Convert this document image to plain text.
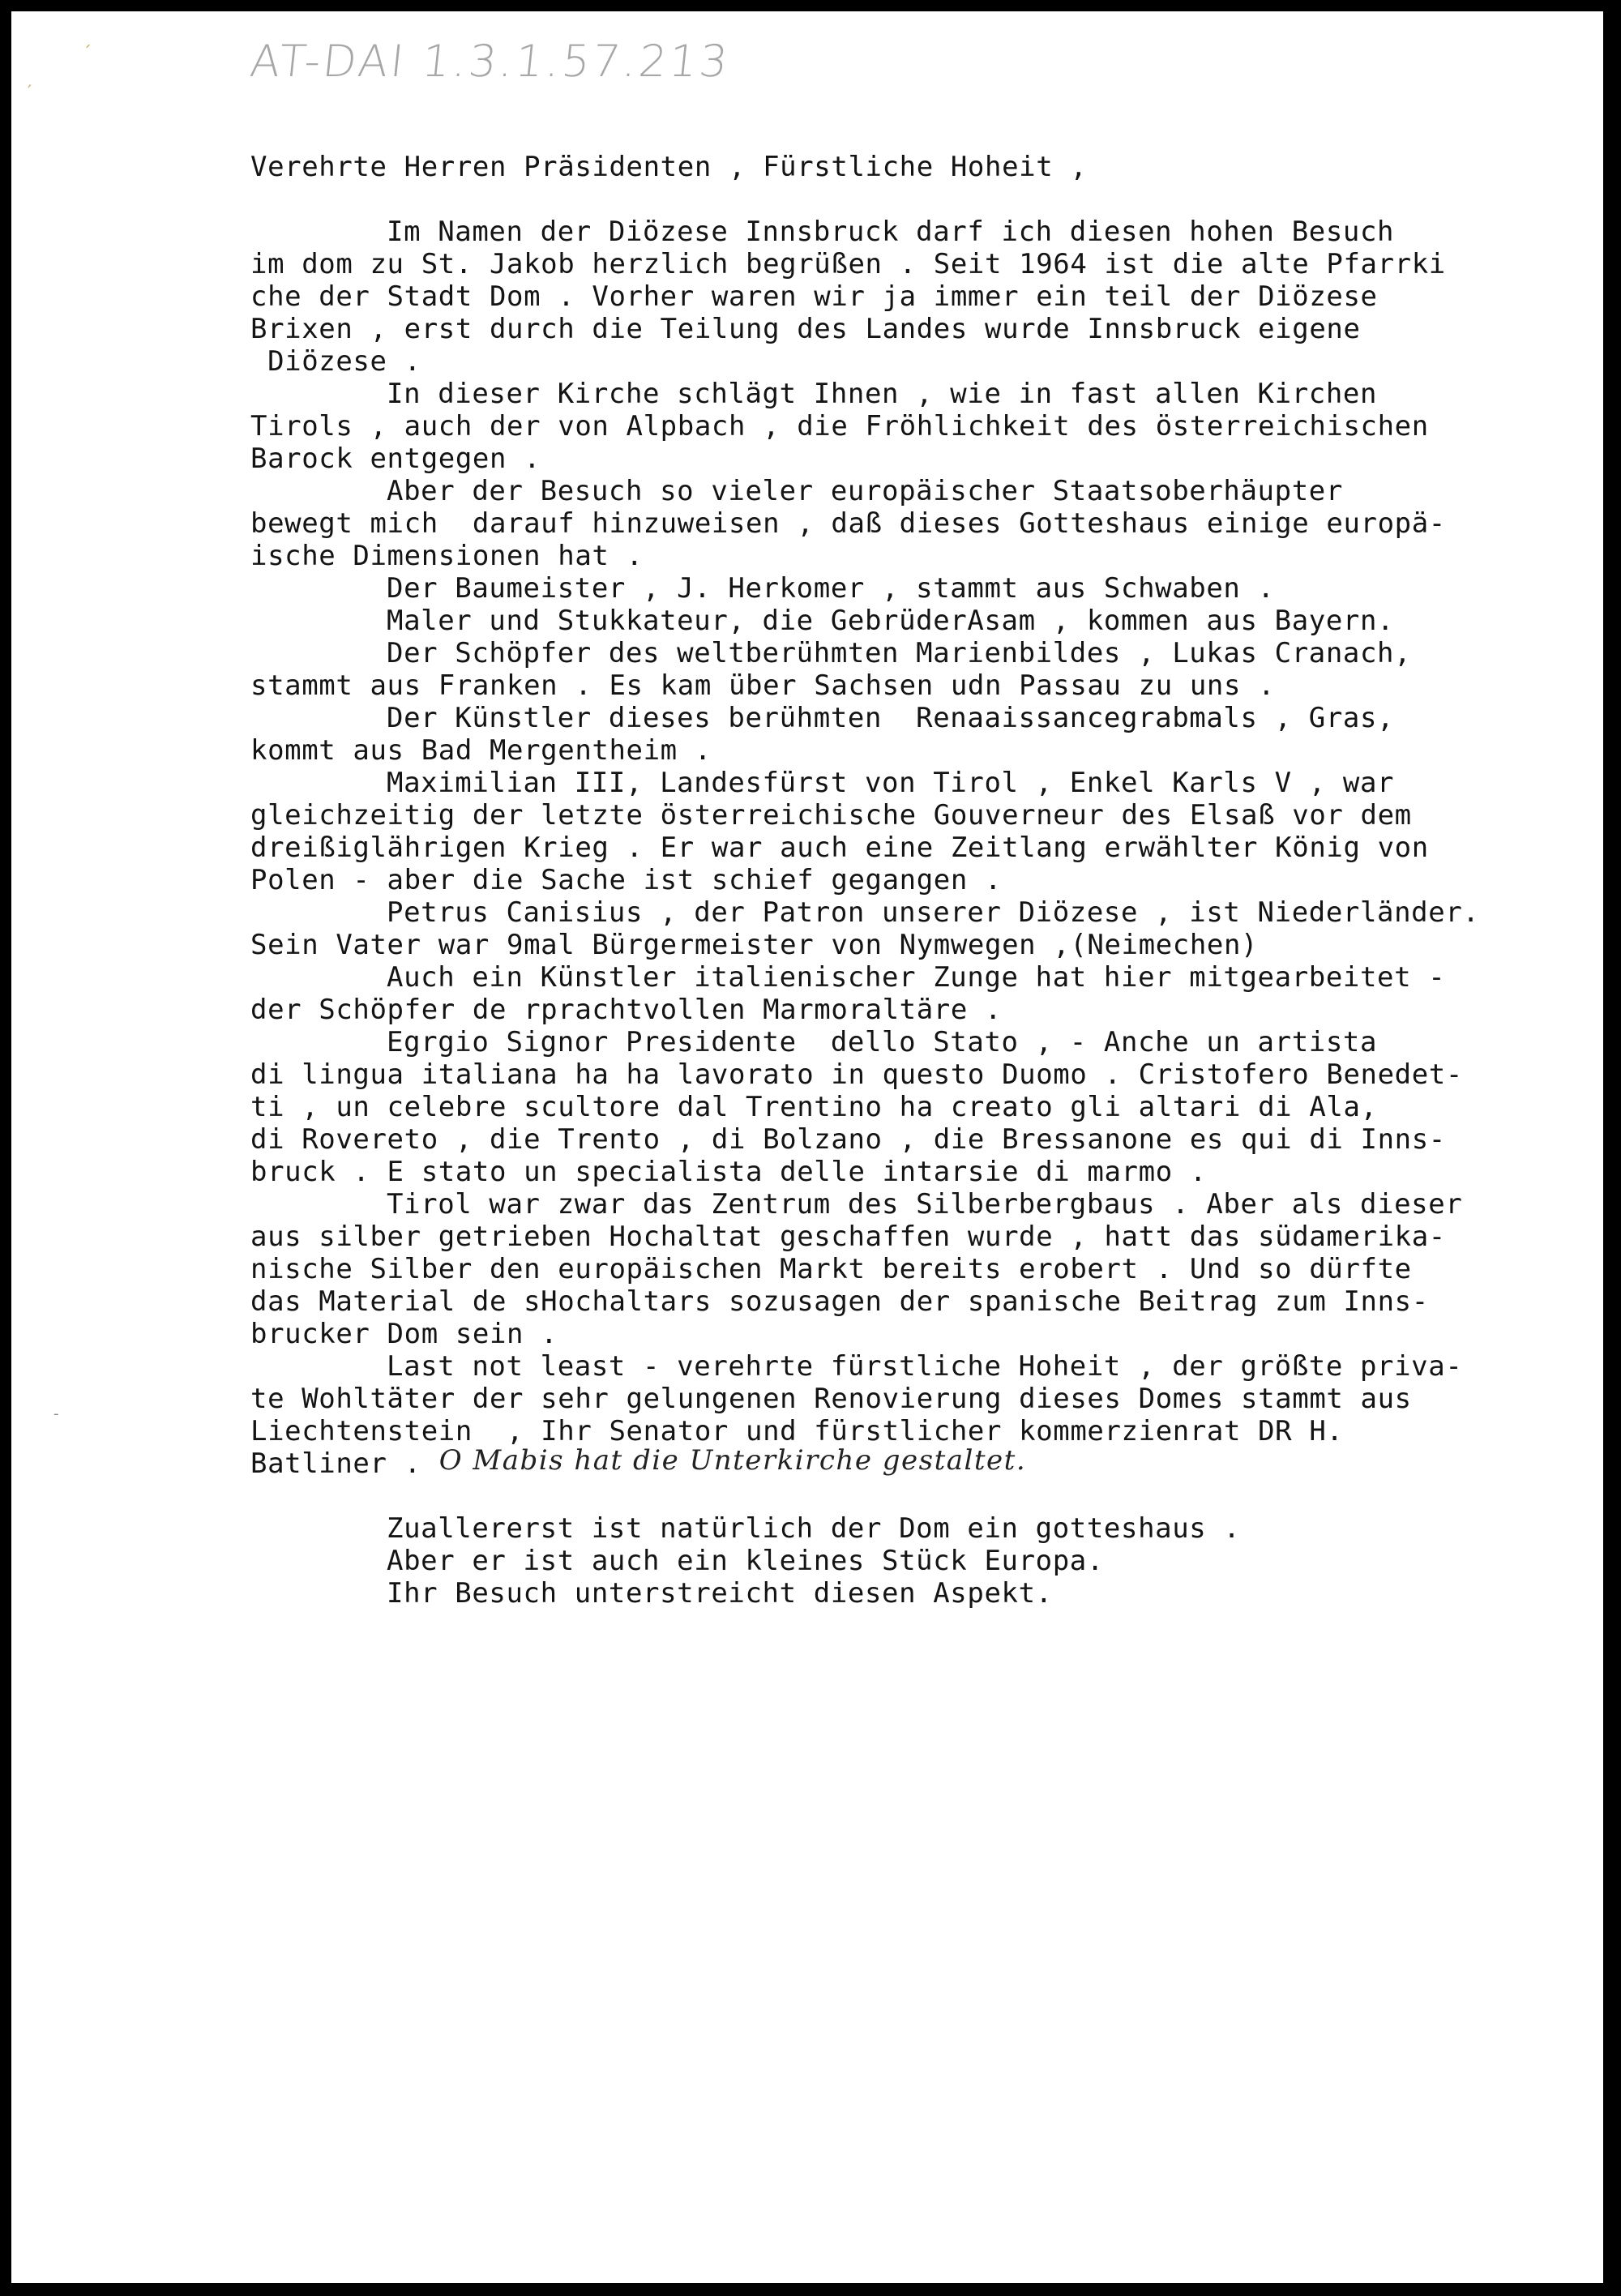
AT-DAI 1.3.1.57.213
´
′
-
Verehrte Herren Präsidenten , Fürstliche Hoheit ,
Im Namen der Diözese Innsbruck darf ich diesen hohen Besuch
im dom zu St. Jakob herzlich begrüßen . Seit 1964 ist die alte Pfarrki
che der Stadt Dom . Vorher waren wir ja immer ein teil der Diözese
Brixen , erst durch die Teilung des Landes wurde Innsbruck eigene
Diözese .
In dieser Kirche schlägt Ihnen , wie in fast allen Kirchen
Tirols , auch der von Alpbach , die Fröhlichkeit des österreichischen
Barock entgegen .
Aber der Besuch so vieler europäischer Staatsoberhäupter
bewegt mich  darauf hinzuweisen , daß dieses Gotteshaus einige europä-
ische Dimensionen hat .
Der Baumeister , J. Herkomer , stammt aus Schwaben .
Maler und Stukkateur, die GebrüderAsam , kommen aus Bayern.
Der Schöpfer des weltberühmten Marienbildes , Lukas Cranach,
stammt aus Franken . Es kam über Sachsen udn Passau zu uns .
Der Künstler dieses berühmten  Renaaissancegrabmals , Gras,
kommt aus Bad Mergentheim .
Maximilian III, Landesfürst von Tirol , Enkel Karls V , war
gleichzeitig der letzte österreichische Gouverneur des Elsaß vor dem
dreißiglährigen Krieg . Er war auch eine Zeitlang erwählter König von
Polen - aber die Sache ist schief gegangen .
Petrus Canisius , der Patron unserer Diözese , ist Niederländer.
Sein Vater war 9mal Bürgermeister von Nymwegen ,(Neimechen)
Auch ein Künstler italienischer Zunge hat hier mitgearbeitet -
der Schöpfer de rprachtvollen Marmoraltäre .
Egrgio Signor Presidente  dello Stato , - Anche un artista
di lingua italiana ha ha lavorato in questo Duomo . Cristofero Benedet-
ti , un celebre scultore dal Trentino ha creato gli altari di Ala,
di Rovereto , die Trento , di Bolzano , die Bressanone es qui di Inns-
bruck . E stato un specialista delle intarsie di marmo .
Tirol war zwar das Zentrum des Silberbergbaus . Aber als dieser
aus silber getrieben Hochaltat geschaffen wurde , hatt das südamerika-
nische Silber den europäischen Markt bereits erobert . Und so dürfte
das Material de sHochaltars sozusagen der spanische Beitrag zum Inns-
brucker Dom sein .
Last not least - verehrte fürstliche Hoheit , der größte priva-
te Wohltäter der sehr gelungenen Renovierung dieses Domes stammt aus
Liechtenstein  , Ihr Senator und fürstlicher kommerzienrat DR H.
Batliner . O Mabis hat die Unterkirche gestaltet.
Zuallererst ist natürlich der Dom ein gotteshaus .
Aber er ist auch ein kleines Stück Europa.
Ihr Besuch unterstreicht diesen Aspekt.
